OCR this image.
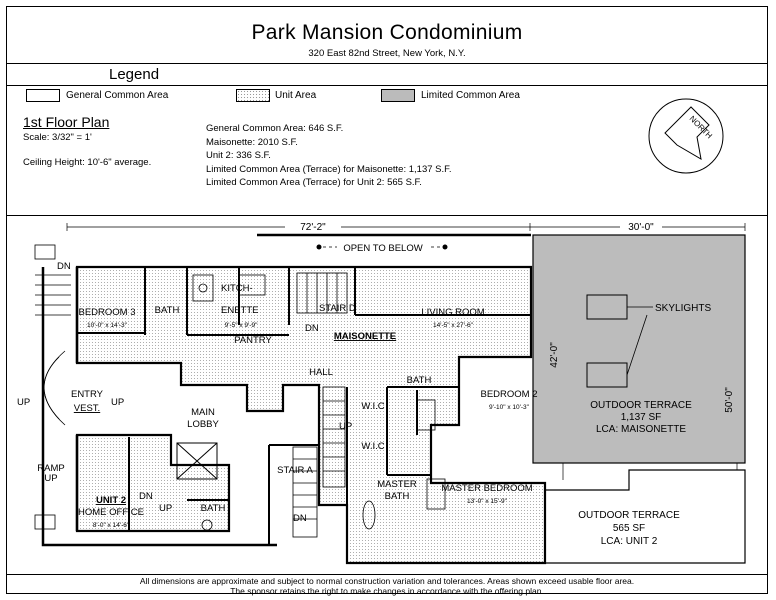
Park Mansion Condominium
320 East 82nd Street, New York, N.Y.
Legend
General Common Area	Unit Area	Limited Common Area
1st Floor Plan
Scale: 3/32" = 1'
Ceiling Height: 10'-6" average.
General Common Area: 646 S.F.
Maisonette: 2010 S.F.
Unit 2: 336 S.F.
Limited Common Area (Terrace) for Maisonette: 1,137 S.F.
Limited Common Area (Terrace) for Unit 2: 565 S.F.
NORTH
72'-2"	30'-0"
42'-0"
50'-0"
SKYLIGHTS
OUTDOOR TERRACE
1,137 SF
LCA: MAISONETTE
OUTDOOR TERRACE
565 SF
LCA: UNIT 2
OPEN TO BELOW
BEDROOM 3
10'-0" x 14'-3"
BATH
KITCH-
ENETTE
9'-5" x 9'-9"
STAIR D	LIVING ROOM
14'-5" x 27'-6"
PANTRY	MAISONETTE
HALL
BATH
BEDROOM 2
9'-10" x 10'-3"
ENTRY
VEST.	MAIN
LOBBY
W.I.C
W.I.C
STAIR A
MASTER
BATH
MASTER BEDROOM
13'-0" x 15'-9"
UNIT 2
HOME OFFICE
8'-0" x 14'-6"
BATH
RAMP
UP
DN
UP	UP
DN
UP
DN
UP
DN
All dimensions are approximate and subject to normal construction variation and tolerances. Areas shown exceed usable floor area.
The sponsor retains the right to make changes in accordance with the offering plan.
